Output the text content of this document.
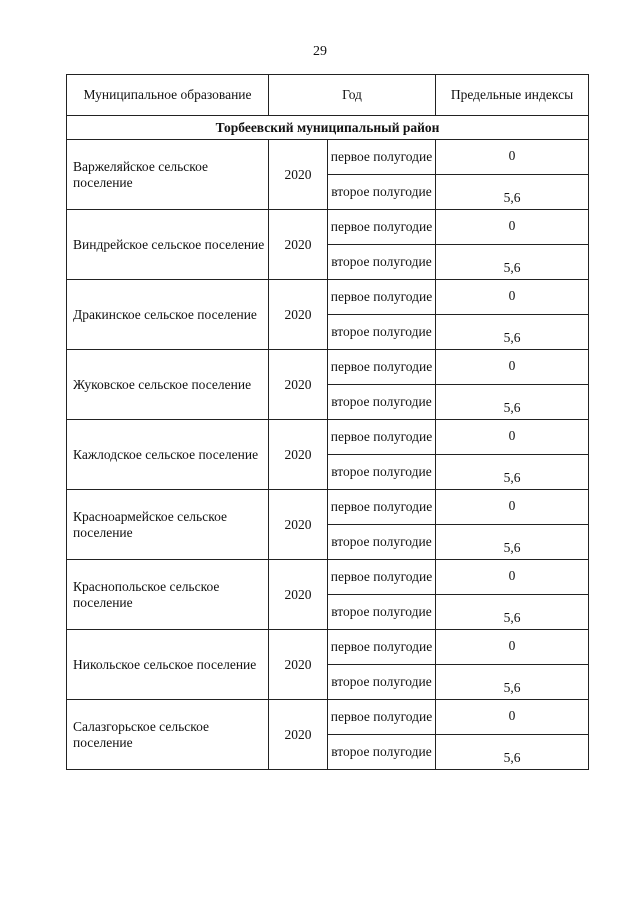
29
Муниципальное образование	Год		Предельные индексы
Торбеевский муниципальный район			
Варжеляйское сельское поселение	2020	первое полугодие	0
		второе полугодие	5,6
Виндрейское сельское поселение	2020	первое полугодие	0
		второе полугодие	5,6
Дракинское сельское поселение	2020	первое полугодие	0
		второе полугодие	5,6
Жуковское сельское поселение	2020	первое полугодие	0
		второе полугодие	5,6
Кажлодское сельское поселение	2020	первое полугодие	0
		второе полугодие	5,6
Красноармейское сельское поселение	2020	первое полугодие	0
		второе полугодие	5,6
Краснопольское сельское поселение	2020	первое полугодие	0
		второе полугодие	5,6
Никольское сельское поселение	2020	первое полугодие	0
		второе полугодие	5,6
Салазгорьское сельское поселение	2020	первое полугодие	0
		второе полугодие	5,6
